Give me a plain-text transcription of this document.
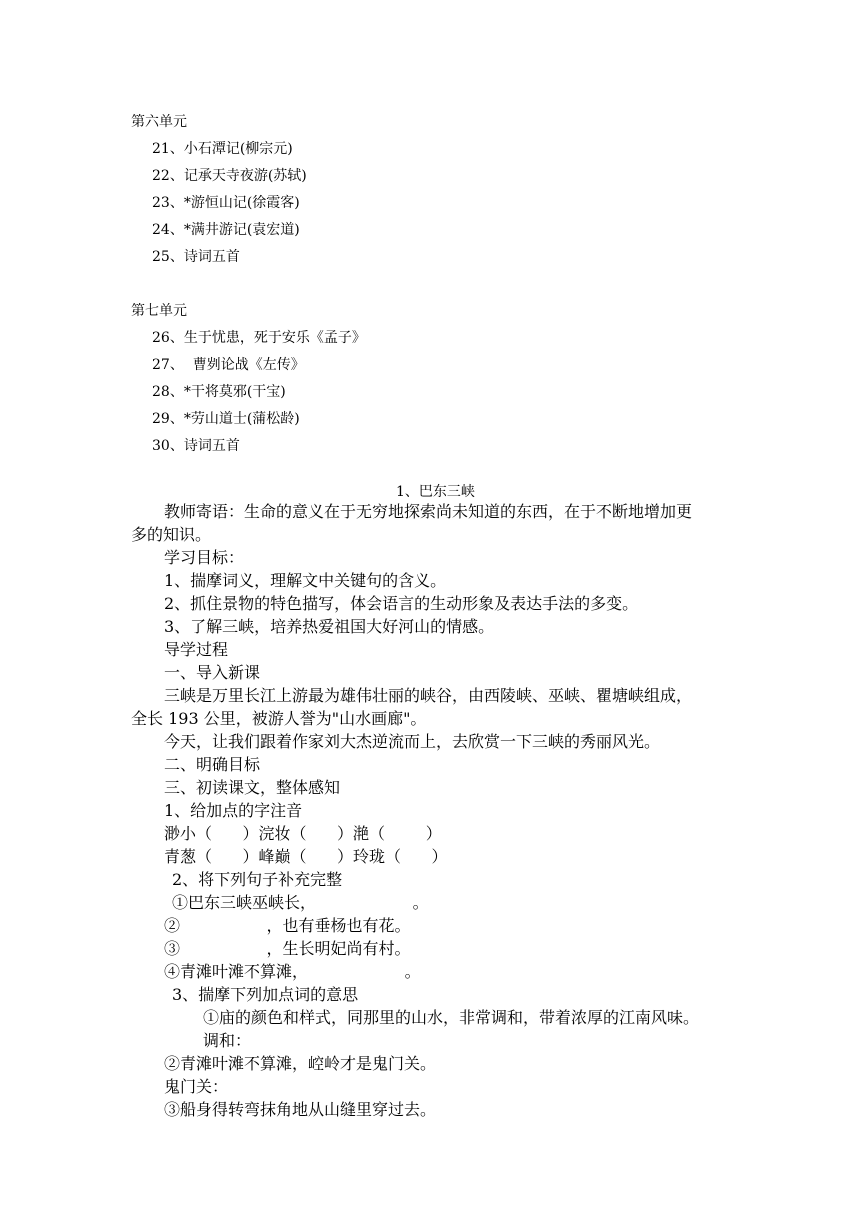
第六单元
21、小石潭记(柳宗元)
22、记承天寺夜游(苏轼)
23、*游恒山记(徐霞客)
24、*满井游记(袁宏道)
25、诗词五首
第七单元
26、生于忧患，死于安乐《孟子》
27、  曹刿论战《左传》
28、*干将莫邪(干宝)
29、*劳山道士(蒲松龄)
30、诗词五首
1、巴东三峡
教师寄语：生命的意义在于无穷地探索尚未知道的东西，在于不断地增加更
多的知识。
学习目标：
1、揣摩词义，理解文中关键句的含义。
2、抓住景物的特色描写，体会语言的生动形象及表达手法的多变。
3、了解三峡，培养热爱祖国大好河山的情感。
导学过程
一、导入新课
三峡是万里长江上游最为雄伟壮丽的峡谷，由西陵峡、巫峡、瞿塘峡组成，
全长 193 公里，被游人誉为"山水画廊"。
今天，让我们跟着作家刘大杰逆流而上，去欣赏一下三峡的秀丽风光。
二、明确目标
三、初读课文，整体感知
1、给加点的字注音
渺小（      ）浣妆（      ）滟（        ）
青葱（      ）峰巅（      ）玲珑（      ）
2、将下列句子补充完整
①巴东三峡巫峡长，                   。
②                 ，也有垂杨也有花。
③                 ，生长明妃尚有村。
④青滩叶滩不算滩，                   。
3、揣摩下列加点词的意思
①庙的颜色和样式，同那里的山水，非常调和，带着浓厚的江南风味。
调和：
②青滩叶滩不算滩，崆岭才是鬼门关。
鬼门关：
③船身得转弯抹角地从山缝里穿过去。
